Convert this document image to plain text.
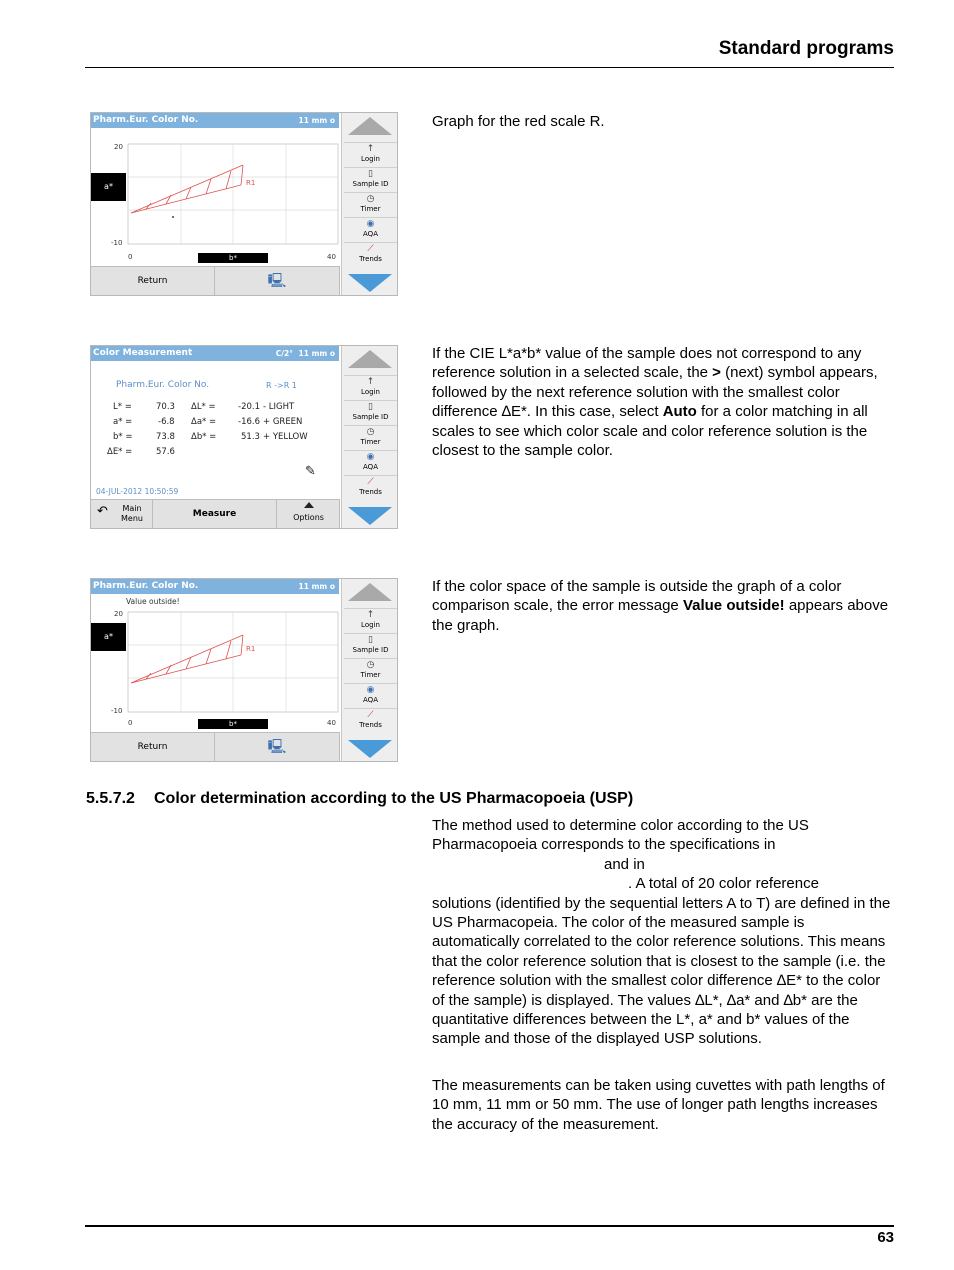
Standard programs
Pharm.Eur. Color No.	11 mm o
a*
20
-10
0	40
R1
b*
Return	🖳
↑
Login
▯
Sample ID
◷
Timer
◉
AQA
⟋
Trends
Graph for the red scale R.
Color Measurement	C/2° 11 mm o
Pharm.Eur. Color No.	R ->R 1
L* =	70.3 ΔL* =	-20.1 - LIGHT
a* =	-6.8 Δa* =	-16.6 + GREEN
b* =	73.8 Δb* =	51.3 + YELLOW
ΔE* =	57.6
✎
04-JUL-2012 10:50:59
↶	Main Menu	Measure	Options
↑
Login
▯
Sample ID
◷
Timer
◉
AQA
⟋
Trends
If the CIE L*a*b* value of the sample does not correspond to any reference solution in a selected scale, the > (next) symbol appears, followed by the next reference solution with the smallest color difference ∆E*. In this case, select Auto for a color matching in all scales to see which color scale and color reference solution is the closest to the sample color.
Pharm.Eur. Color No.	11 mm o
Value outside!
a*
20
-10
0	40
R1
b*
Return	🖳
↑
Login
▯
Sample ID
◷
Timer
◉
AQA
⟋
Trends
If the color space of the sample is outside the graph of a color comparison scale, the error message Value outside! appears above the graph.
5.5.7.2 Color determination according to the US Pharmacopoeia (USP)
The method used to determine color according to the US
Pharmacopoeia corresponds to the specifications in
and in
. A total of 20 color reference
solutions (identified by the sequential letters A to T) are defined in the US Pharmacopeia. The color of the measured sample is automatically correlated to the color reference solutions. This means that the color reference solution that is closest to the sample (i.e. the reference solution with the smallest color difference ∆E* to the color of the sample) is displayed. The values ∆L*, ∆a* and ∆b* are the quantitative differences between the L*, a* and b* values of the sample and those of the displayed USP solutions.
The measurements can be taken using cuvettes with path lengths of 10 mm, 11 mm or 50 mm. The use of longer path lengths increases the accuracy of the measurement.
63
